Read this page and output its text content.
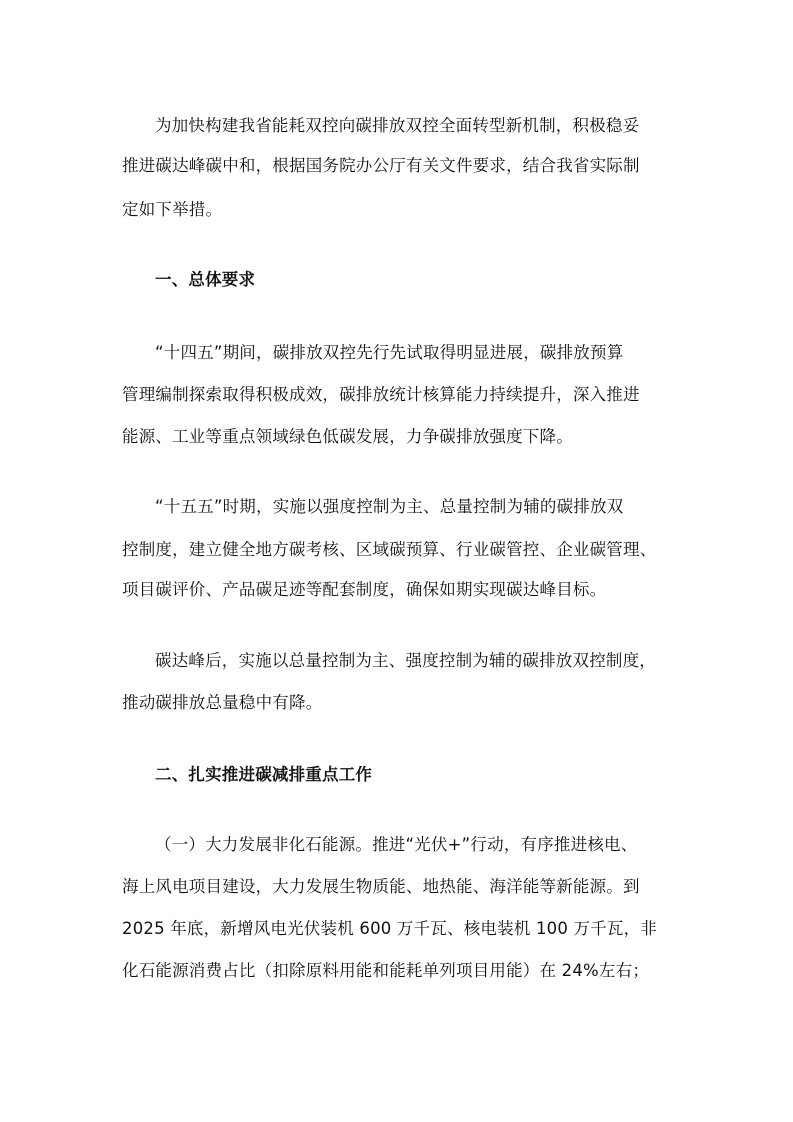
为加快构建我省能耗双控向碳排放双控全面转型新机制，积极稳妥
推进碳达峰碳中和，根据国务院办公厅有关文件要求，结合我省实际制
定如下举措。
一、总体要求
“十四五”期间，碳排放双控先行先试取得明显进展，碳排放预算
管理编制探索取得积极成效，碳排放统计核算能力持续提升，深入推进
能源、工业等重点领域绿色低碳发展，力争碳排放强度下降。
“十五五”时期，实施以强度控制为主、总量控制为辅的碳排放双
控制度，建立健全地方碳考核、区域碳预算、行业碳管控、企业碳管理、
项目碳评价、产品碳足迹等配套制度，确保如期实现碳达峰目标。
碳达峰后，实施以总量控制为主、强度控制为辅的碳排放双控制度，
推动碳排放总量稳中有降。
二、扎实推进碳减排重点工作
（一）大力发展非化石能源。推进“光伏+”行动，有序推进核电、
海上风电项目建设，大力发展生物质能、地热能、海洋能等新能源。到
2025 年底，新增风电光伏装机 600 万千瓦、核电装机 100 万千瓦，非
化石能源消费占比（扣除原料用能和能耗单列项目用能）在 24%左右；
